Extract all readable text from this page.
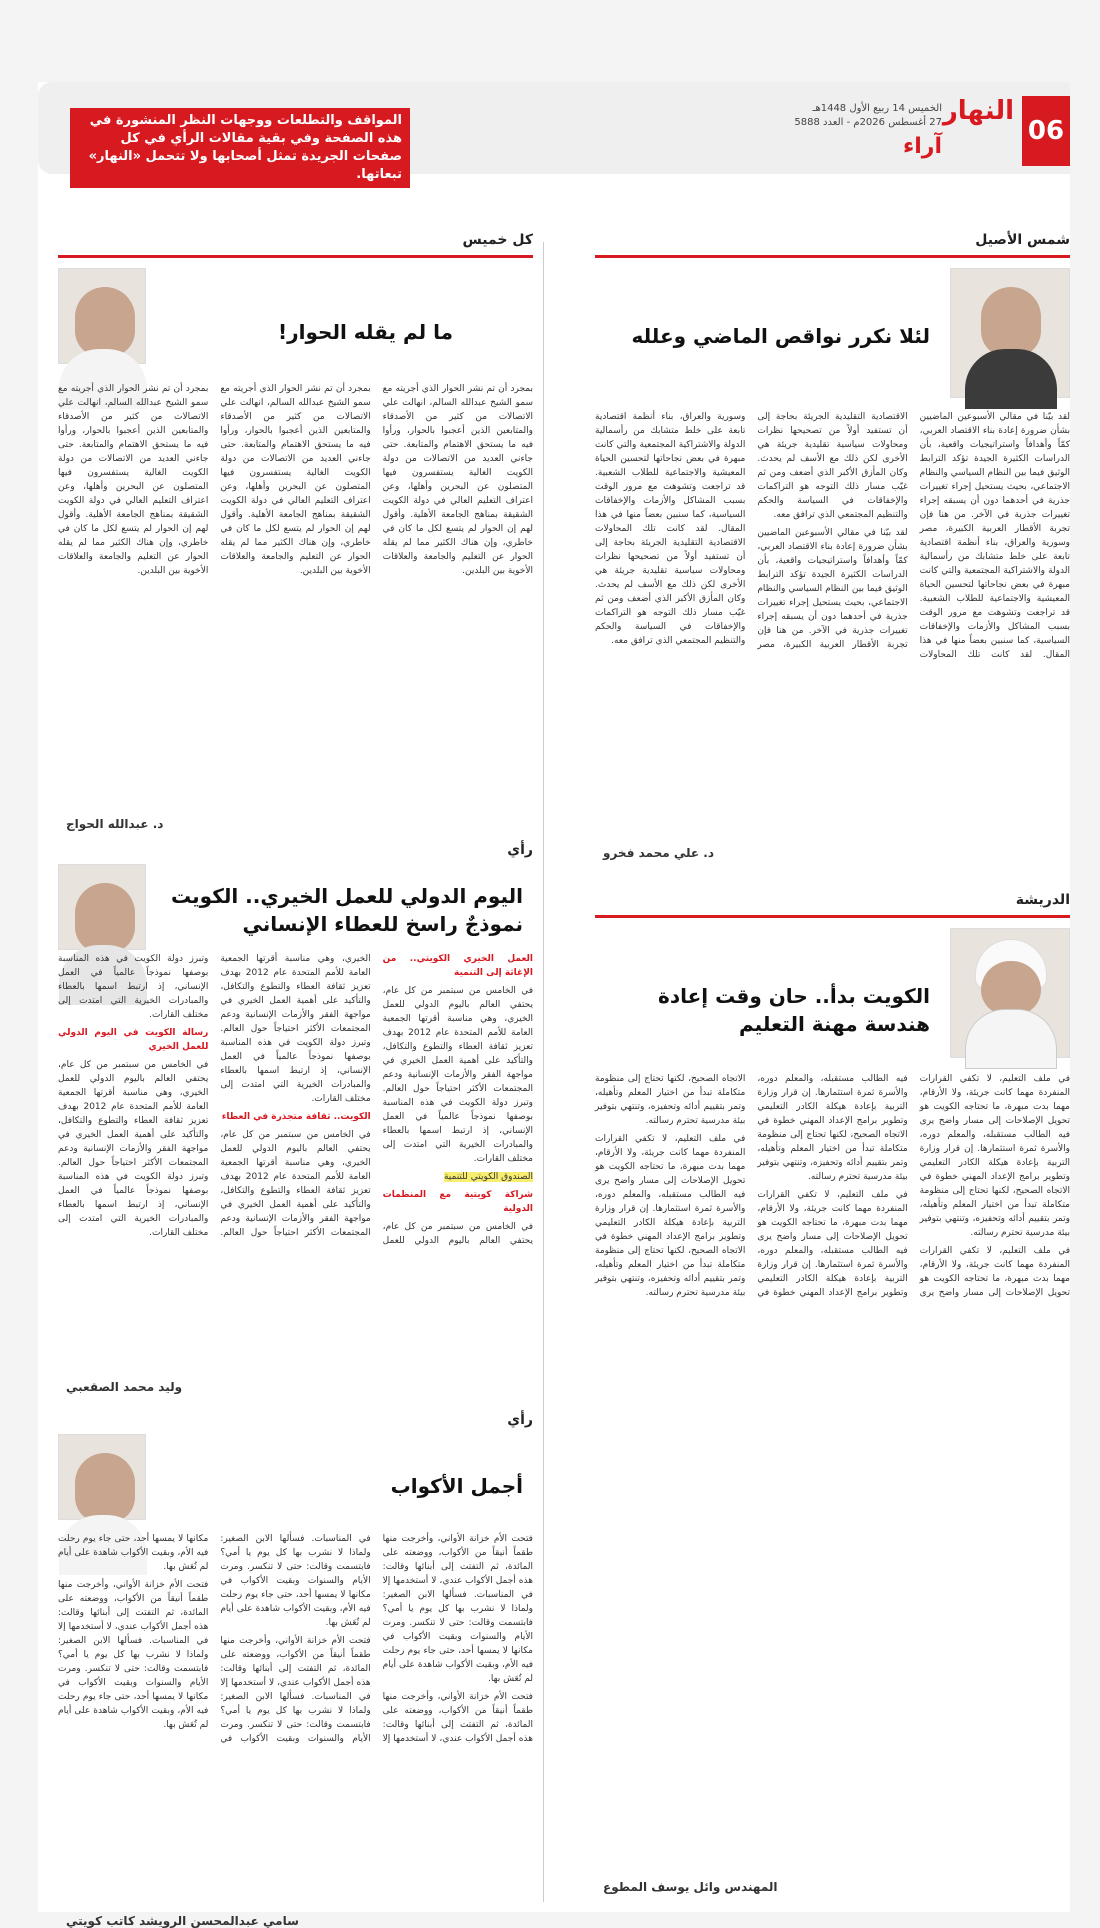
06
النهار
الخميس 14 ربيع الأول 1448هـ
27 أغسطس 2026م - العدد 5888
آراء
المواقف والتطلعات ووجهات النظر المنشورة في هذه الصفحة وفي بقية مقالات الرأي في كل صفحات الجريدة تمثل أصحابها ولا تتحمل «النهار» تبعاتها.
شمس الأصيل
لئلا نكرر نواقص الماضي وعلله

لقد بيّنا في مقالي الأسبوعين الماضيين بشأن ضرورة إعادة بناء الاقتصاد العربي، كمّاً وأهدافاً واستراتيجيات واقعية، بأن الدراسات الكثيرة الجيدة تؤكد الترابط الوثيق فيما بين النظام السياسي والنظام الاجتماعي، بحيث يستحيل إجراء تغييرات جذرية في أحدهما دون أن يسبقه إجراء تغييرات جذرية في الآخر. من هنا فإن تجربة الأقطار العربية الكبيرة، مصر وسورية والعراق، بناء أنظمة اقتصادية تابعة على خلط متشابك من رأسمالية الدولة والاشتراكية المجتمعية والتي كانت مبهرة في بعض نجاحاتها لتحسين الحياة المعيشية والاجتماعية للطلاب الشعبية. قد تراجعت وتشوهت مع مرور الوقت بسبب المشاكل والأزمات والإخفاقات السياسية، كما سنبين بعضاً منها في هذا المقال. لقد كانت تلك المحاولات الاقتصادية التقليدية الجريئة بحاجة إلى أن تستفيد أولاً من تصحيحها نظرات ومحاولات سياسية تقليدية جريئة هي الأخرى لكن ذلك مع الأسف لم يحدث. وكان المأزق الأكبر الذي أضعف ومن ثم غيّب مسار ذلك التوجه هو التراكمات والإخفاقات في السياسة والحكم والتنظيم المجتمعي الذي ترافق معه.

لقد بيّنا في مقالي الأسبوعين الماضيين بشأن ضرورة إعادة بناء الاقتصاد العربي، كمّاً وأهدافاً واستراتيجيات واقعية، بأن الدراسات الكثيرة الجيدة تؤكد الترابط الوثيق فيما بين النظام السياسي والنظام الاجتماعي، بحيث يستحيل إجراء تغييرات جذرية في أحدهما دون أن يسبقه إجراء تغييرات جذرية في الآخر. من هنا فإن تجربة الأقطار العربية الكبيرة، مصر وسورية والعراق، بناء أنظمة اقتصادية تابعة على خلط متشابك من رأسمالية الدولة والاشتراكية المجتمعية والتي كانت مبهرة في بعض نجاحاتها لتحسين الحياة المعيشية والاجتماعية للطلاب الشعبية. قد تراجعت وتشوهت مع مرور الوقت بسبب المشاكل والأزمات والإخفاقات السياسية، كما سنبين بعضاً منها في هذا المقال. لقد كانت تلك المحاولات الاقتصادية التقليدية الجريئة بحاجة إلى أن تستفيد أولاً من تصحيحها نظرات ومحاولات سياسية تقليدية جريئة هي الأخرى لكن ذلك مع الأسف لم يحدث. وكان المأزق الأكبر الذي أضعف ومن ثم غيّب مسار ذلك التوجه هو التراكمات والإخفاقات في السياسة والحكم والتنظيم المجتمعي الذي ترافق معه.

د. علي محمد فخرو
الدريشة
الكويت بدأ.. حان وقت إعادة هندسة مهنة التعليم

في ملف التعليم، لا تكفي القرارات المنفردة مهما كانت جريئة، ولا الأرقام، مهما بدت مبهرة، ما تحتاجه الكويت هو تحويل الإصلاحات إلى مسار واضح يرى فيه الطالب مستقبله، والمعلم دوره، والأسرة ثمرة استثمارها. إن قرار وزارة التربية بإعادة هيكلة الكادر التعليمي وتطوير برامج الإعداد المهني خطوة في الاتجاه الصحيح، لكنها تحتاج إلى منظومة متكاملة تبدأ من اختيار المعلم وتأهيله، وتمر بتقييم أدائه وتحفيزه، وتنتهي بتوفير بيئة مدرسية تحترم رسالته.

في ملف التعليم، لا تكفي القرارات المنفردة مهما كانت جريئة، ولا الأرقام، مهما بدت مبهرة، ما تحتاجه الكويت هو تحويل الإصلاحات إلى مسار واضح يرى فيه الطالب مستقبله، والمعلم دوره، والأسرة ثمرة استثمارها. إن قرار وزارة التربية بإعادة هيكلة الكادر التعليمي وتطوير برامج الإعداد المهني خطوة في الاتجاه الصحيح، لكنها تحتاج إلى منظومة متكاملة تبدأ من اختيار المعلم وتأهيله، وتمر بتقييم أدائه وتحفيزه، وتنتهي بتوفير بيئة مدرسية تحترم رسالته.

في ملف التعليم، لا تكفي القرارات المنفردة مهما كانت جريئة، ولا الأرقام، مهما بدت مبهرة، ما تحتاجه الكويت هو تحويل الإصلاحات إلى مسار واضح يرى فيه الطالب مستقبله، والمعلم دوره، والأسرة ثمرة استثمارها. إن قرار وزارة التربية بإعادة هيكلة الكادر التعليمي وتطوير برامج الإعداد المهني خطوة في الاتجاه الصحيح، لكنها تحتاج إلى منظومة متكاملة تبدأ من اختيار المعلم وتأهيله، وتمر بتقييم أدائه وتحفيزه، وتنتهي بتوفير بيئة مدرسية تحترم رسالته.

في ملف التعليم، لا تكفي القرارات المنفردة مهما كانت جريئة، ولا الأرقام، مهما بدت مبهرة، ما تحتاجه الكويت هو تحويل الإصلاحات إلى مسار واضح يرى فيه الطالب مستقبله، والمعلم دوره، والأسرة ثمرة استثمارها. إن قرار وزارة التربية بإعادة هيكلة الكادر التعليمي وتطوير برامج الإعداد المهني خطوة في الاتجاه الصحيح، لكنها تحتاج إلى منظومة متكاملة تبدأ من اختيار المعلم وتأهيله، وتمر بتقييم أدائه وتحفيزه، وتنتهي بتوفير بيئة مدرسية تحترم رسالته.

المهندس وائل يوسف المطوع
كل خميس
ما لم يقله الحوار!

بمجرد أن تم نشر الحوار الذي أجريته مع سمو الشيخ عبدالله السالم، انهالت علي الاتصالات من كثير من الأصدقاء والمتابعين الذين أعجبوا بالحوار، ورأوا فيه ما يستحق الاهتمام والمتابعة. حتى جاءني العديد من الاتصالات من دولة الكويت الغالية يستفسرون فيها المتصلون عن البحرين وأهلها، وعن اعتراف التعليم العالي في دولة الكويت الشقيقة بمناهج الجامعة الأهلية. وأقول لهم إن الحوار لم يتسع لكل ما كان في خاطري، وإن هناك الكثير مما لم يقله الحوار عن التعليم والجامعة والعلاقات الأخوية بين البلدين.

بمجرد أن تم نشر الحوار الذي أجريته مع سمو الشيخ عبدالله السالم، انهالت علي الاتصالات من كثير من الأصدقاء والمتابعين الذين أعجبوا بالحوار، ورأوا فيه ما يستحق الاهتمام والمتابعة. حتى جاءني العديد من الاتصالات من دولة الكويت الغالية يستفسرون فيها المتصلون عن البحرين وأهلها، وعن اعتراف التعليم العالي في دولة الكويت الشقيقة بمناهج الجامعة الأهلية. وأقول لهم إن الحوار لم يتسع لكل ما كان في خاطري، وإن هناك الكثير مما لم يقله الحوار عن التعليم والجامعة والعلاقات الأخوية بين البلدين.

بمجرد أن تم نشر الحوار الذي أجريته مع سمو الشيخ عبدالله السالم، انهالت علي الاتصالات من كثير من الأصدقاء والمتابعين الذين أعجبوا بالحوار، ورأوا فيه ما يستحق الاهتمام والمتابعة. حتى جاءني العديد من الاتصالات من دولة الكويت الغالية يستفسرون فيها المتصلون عن البحرين وأهلها، وعن اعتراف التعليم العالي في دولة الكويت الشقيقة بمناهج الجامعة الأهلية. وأقول لهم إن الحوار لم يتسع لكل ما كان في خاطري، وإن هناك الكثير مما لم يقله الحوار عن التعليم والجامعة والعلاقات الأخوية بين البلدين.

د. عبدالله الحواج
رأي
اليوم الدولي للعمل الخيري.. الكويت نموذجٌ راسخ للعطاء الإنساني

العمل الخيري الكويتي.. من الإغاثة إلى التنمية

في الخامس من سبتمبر من كل عام، يحتفي العالم باليوم الدولي للعمل الخيري، وهي مناسبة أقرتها الجمعية العامة للأمم المتحدة عام 2012 بهدف تعزيز ثقافة العطاء والتطوع والتكافل، والتأكيد على أهمية العمل الخيري في مواجهة الفقر والأزمات الإنسانية ودعم المجتمعات الأكثر احتياجاً حول العالم. وتبرز دولة الكويت في هذه المناسبة بوصفها نموذجاً عالمياً في العمل الإنساني، إذ ارتبط اسمها بالعطاء والمبادرات الخيرية التي امتدت إلى مختلف القارات.

الصندوق الكويتي للتنمية

شراكة كويتية مع المنظمات الدولية

في الخامس من سبتمبر من كل عام، يحتفي العالم باليوم الدولي للعمل الخيري، وهي مناسبة أقرتها الجمعية العامة للأمم المتحدة عام 2012 بهدف تعزيز ثقافة العطاء والتطوع والتكافل، والتأكيد على أهمية العمل الخيري في مواجهة الفقر والأزمات الإنسانية ودعم المجتمعات الأكثر احتياجاً حول العالم. وتبرز دولة الكويت في هذه المناسبة بوصفها نموذجاً عالمياً في العمل الإنساني، إذ ارتبط اسمها بالعطاء والمبادرات الخيرية التي امتدت إلى مختلف القارات.

الكويت.. ثقافة متجذرة في العطاء

في الخامس من سبتمبر من كل عام، يحتفي العالم باليوم الدولي للعمل الخيري، وهي مناسبة أقرتها الجمعية العامة للأمم المتحدة عام 2012 بهدف تعزيز ثقافة العطاء والتطوع والتكافل، والتأكيد على أهمية العمل الخيري في مواجهة الفقر والأزمات الإنسانية ودعم المجتمعات الأكثر احتياجاً حول العالم. وتبرز دولة الكويت في هذه المناسبة بوصفها نموذجاً عالمياً في العمل الإنساني، إذ ارتبط اسمها بالعطاء والمبادرات الخيرية التي امتدت إلى مختلف القارات.

رسالة الكويت في اليوم الدولي للعمل الخيري

في الخامس من سبتمبر من كل عام، يحتفي العالم باليوم الدولي للعمل الخيري، وهي مناسبة أقرتها الجمعية العامة للأمم المتحدة عام 2012 بهدف تعزيز ثقافة العطاء والتطوع والتكافل، والتأكيد على أهمية العمل الخيري في مواجهة الفقر والأزمات الإنسانية ودعم المجتمعات الأكثر احتياجاً حول العالم. وتبرز دولة الكويت في هذه المناسبة بوصفها نموذجاً عالمياً في العمل الإنساني، إذ ارتبط اسمها بالعطاء والمبادرات الخيرية التي امتدت إلى مختلف القارات.

وليد محمد الصقعبي
رأي
أجمل الأكواب

فتحت الأم خزانة الأواني، وأخرجت منها طقماً أنيقاً من الأكواب، ووضعته على المائدة، ثم التفتت إلى أبنائها وقالت: هذه أجمل الأكواب عندي، لا أستخدمها إلا في المناسبات. فسألها الابن الصغير: ولماذا لا نشرب بها كل يوم يا أمي؟ فابتسمت وقالت: حتى لا تنكسر. ومرت الأيام والسنوات وبقيت الأكواب في مكانها لا يمسها أحد، حتى جاء يوم رحلت فيه الأم، وبقيت الأكواب شاهدة على أيام لم تُعَش بها.

فتحت الأم خزانة الأواني، وأخرجت منها طقماً أنيقاً من الأكواب، ووضعته على المائدة، ثم التفتت إلى أبنائها وقالت: هذه أجمل الأكواب عندي، لا أستخدمها إلا في المناسبات. فسألها الابن الصغير: ولماذا لا نشرب بها كل يوم يا أمي؟ فابتسمت وقالت: حتى لا تنكسر. ومرت الأيام والسنوات وبقيت الأكواب في مكانها لا يمسها أحد، حتى جاء يوم رحلت فيه الأم، وبقيت الأكواب شاهدة على أيام لم تُعَش بها.

فتحت الأم خزانة الأواني، وأخرجت منها طقماً أنيقاً من الأكواب، ووضعته على المائدة، ثم التفتت إلى أبنائها وقالت: هذه أجمل الأكواب عندي، لا أستخدمها إلا في المناسبات. فسألها الابن الصغير: ولماذا لا نشرب بها كل يوم يا أمي؟ فابتسمت وقالت: حتى لا تنكسر. ومرت الأيام والسنوات وبقيت الأكواب في مكانها لا يمسها أحد، حتى جاء يوم رحلت فيه الأم، وبقيت الأكواب شاهدة على أيام لم تُعَش بها.

فتحت الأم خزانة الأواني، وأخرجت منها طقماً أنيقاً من الأكواب، ووضعته على المائدة، ثم التفتت إلى أبنائها وقالت: هذه أجمل الأكواب عندي، لا أستخدمها إلا في المناسبات. فسألها الابن الصغير: ولماذا لا نشرب بها كل يوم يا أمي؟ فابتسمت وقالت: حتى لا تنكسر. ومرت الأيام والسنوات وبقيت الأكواب في مكانها لا يمسها أحد، حتى جاء يوم رحلت فيه الأم، وبقيت الأكواب شاهدة على أيام لم تُعَش بها.

سامي عبدالمحسن الرويشد كاتب كويتي
